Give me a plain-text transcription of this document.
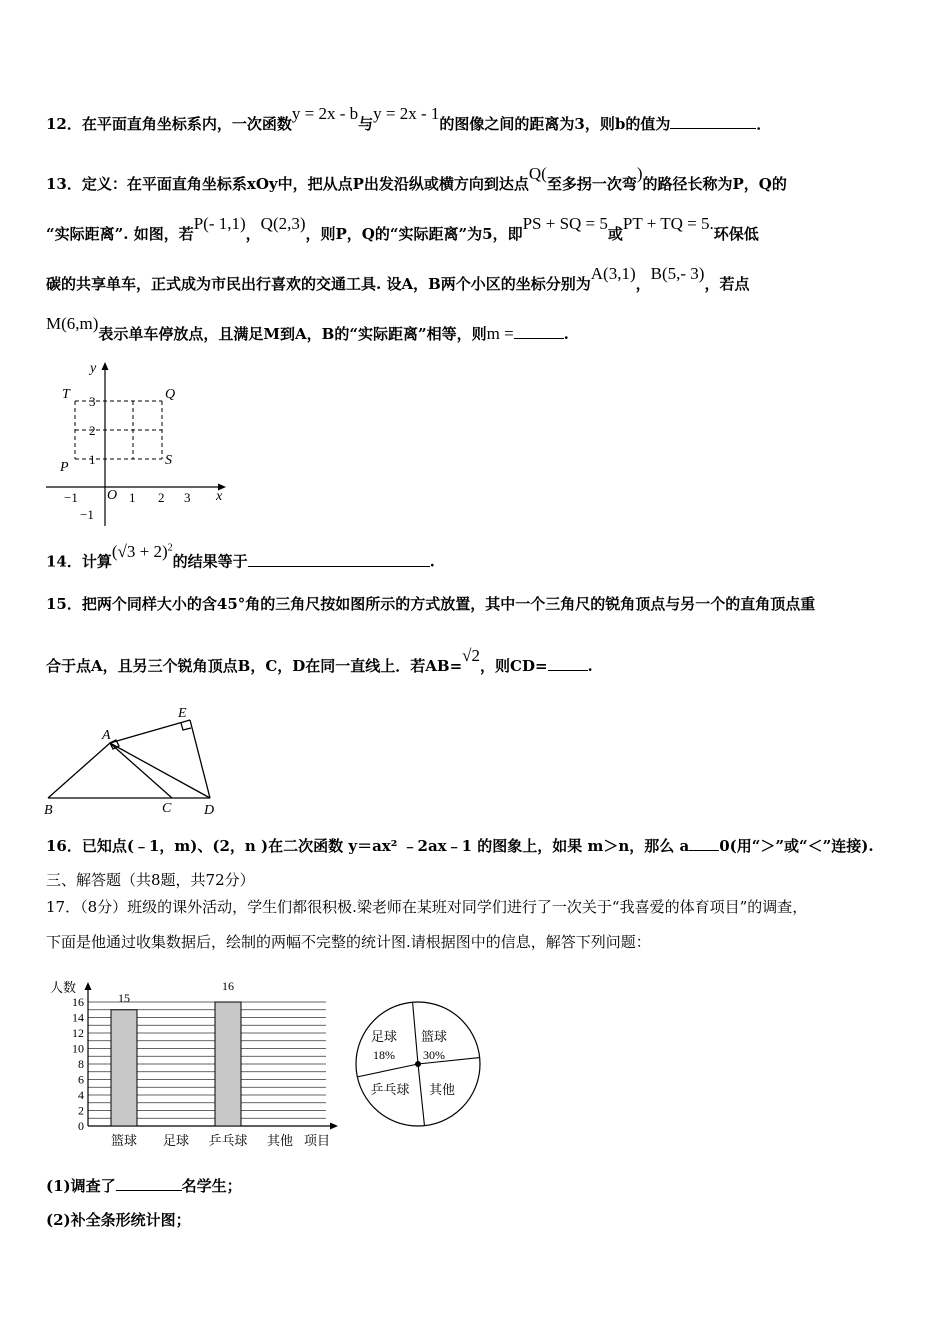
12．在平面直角坐标系内，一次函数y = 2x - b与y = 2x - 1的图像之间的距离为3，则b的值为	．
13．定义：在平面直角坐标系xOy中，把从点P出发沿纵或横方向到达点Q(至多拐一次弯)的路径长称为P，Q的
“实际距离”. 如图，若P(- 1,1)，Q(2,3)，则P，Q的“实际距离”为5，即PS + SQ = 5或PT + TQ = 5.环保低
碳的共享单车，正式成为市民出行喜欢的交通工具. 设A，B两个小区的坐标分别为A(3,1)，B(5,- 3)，若点
M(6,m)表示单车停放点，且满足M到A，B的“实际距离”相等，则m =	.
y
x
O
T	Q
P	S
3
2
1
−1
−1	1 2 3
14．计算$(√3 + 2)^2$的结果等于	.
15．把两个同样大小的含45°角的三角尺按如图所示的方式放置，其中一个三角尺的锐角顶点与另一个的直角顶点重
合于点A，且另三个锐角顶点B，C，D在同一直线上．若AB=√2，则CD=	.
A
B	C D
E
16．已知点(﹣1，m)、(2，n )在二次函数 y＝ax² ﹣2ax﹣1 的图象上，如果 m＞n，那么 a 0(用“＞”或“＜”连接).
三、解答题（共8题，共72分）
17．（8分）班级的课外活动，学生们都很积极.梁老师在某班对同学们进行了一次关于“我喜爱的体育项目”的调查，
下面是他通过收集数据后，绘制的两幅不完整的统计图.请根据图中的信息，解答下列问题：
0
2
4
6
8
10
12
14
16
人数
项目
篮球
15
足球 乒乓球
16
其他
足球
18%
篮球
30%
乒乓球 其他
(1)调查了	名学生；
(2)补全条形统计图；
